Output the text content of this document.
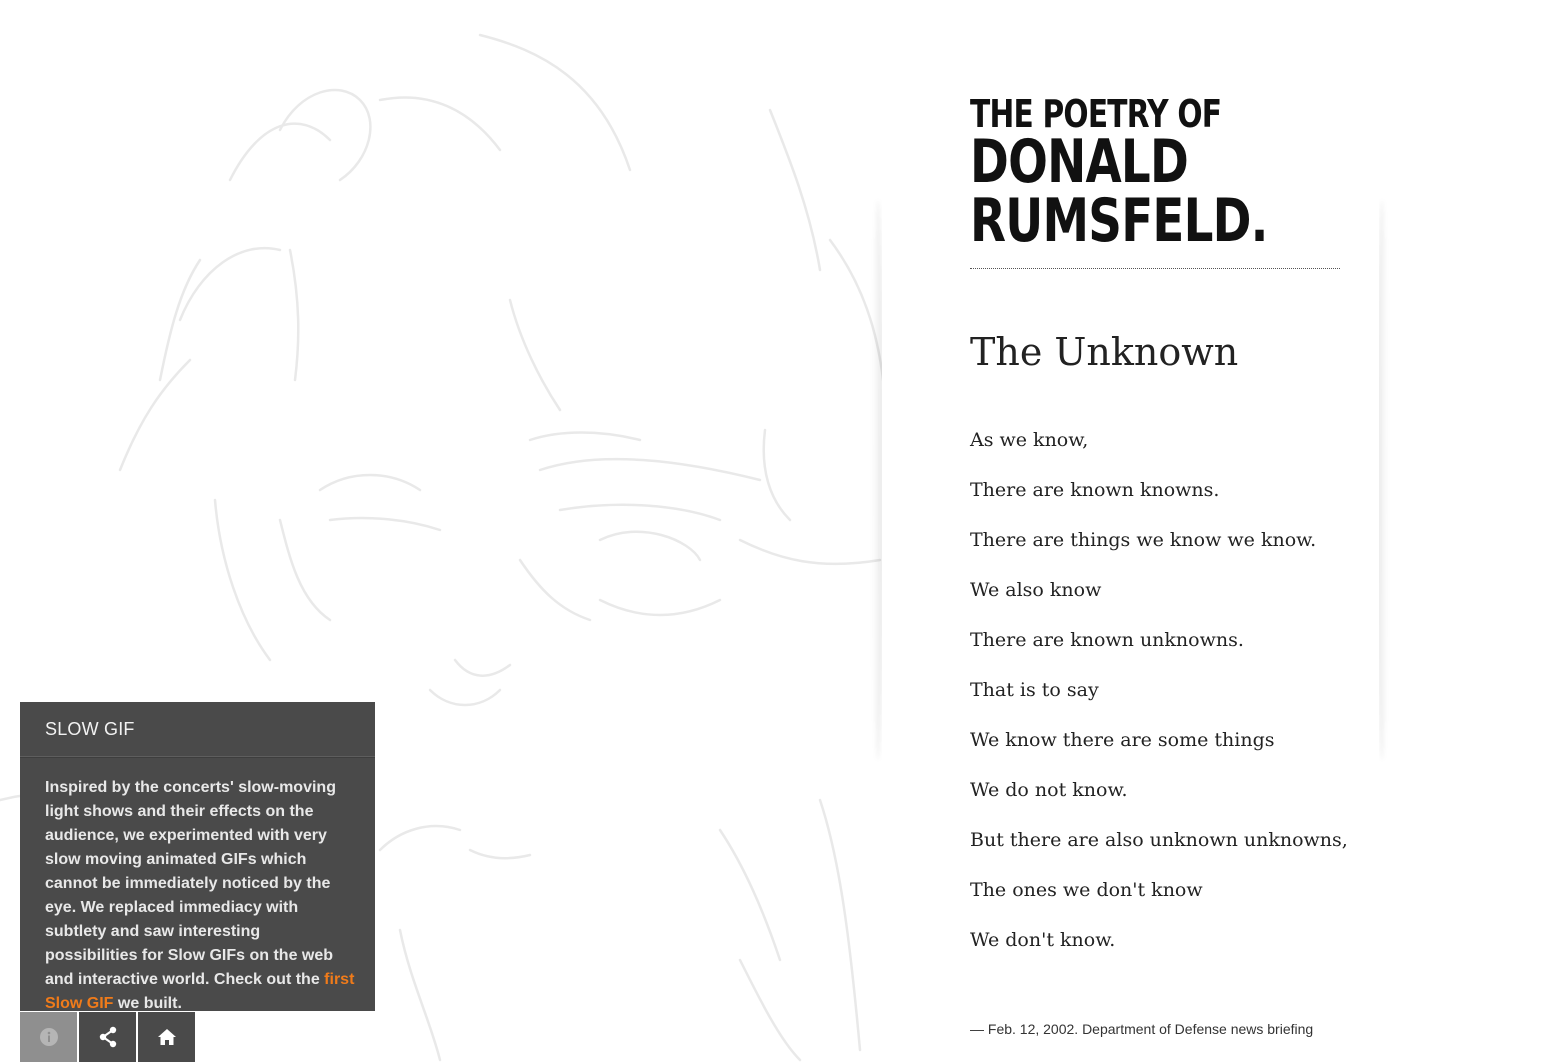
THE POETRY OF
DONALD
RUMSFELD.
The Unknown
As we know,
There are known knowns.
There are things we know we know.
We also know
There are known unknowns.
That is to say
We know there are some things
We do not know.
But there are also unknown unknowns,
The ones we don't know
We don't know.
— Feb. 12, 2002. Department of Defense news briefing
SLOW GIF

Inspired by the concerts' slow-moving light shows and their effects on the audience, we experimented with very slow moving animated GIFs which cannot be immediately noticed by the eye. We replaced immediacy with subtlety and saw interesting possibilities for Slow GIFs on the web and interactive world. Check out the first Slow GIF we built.
